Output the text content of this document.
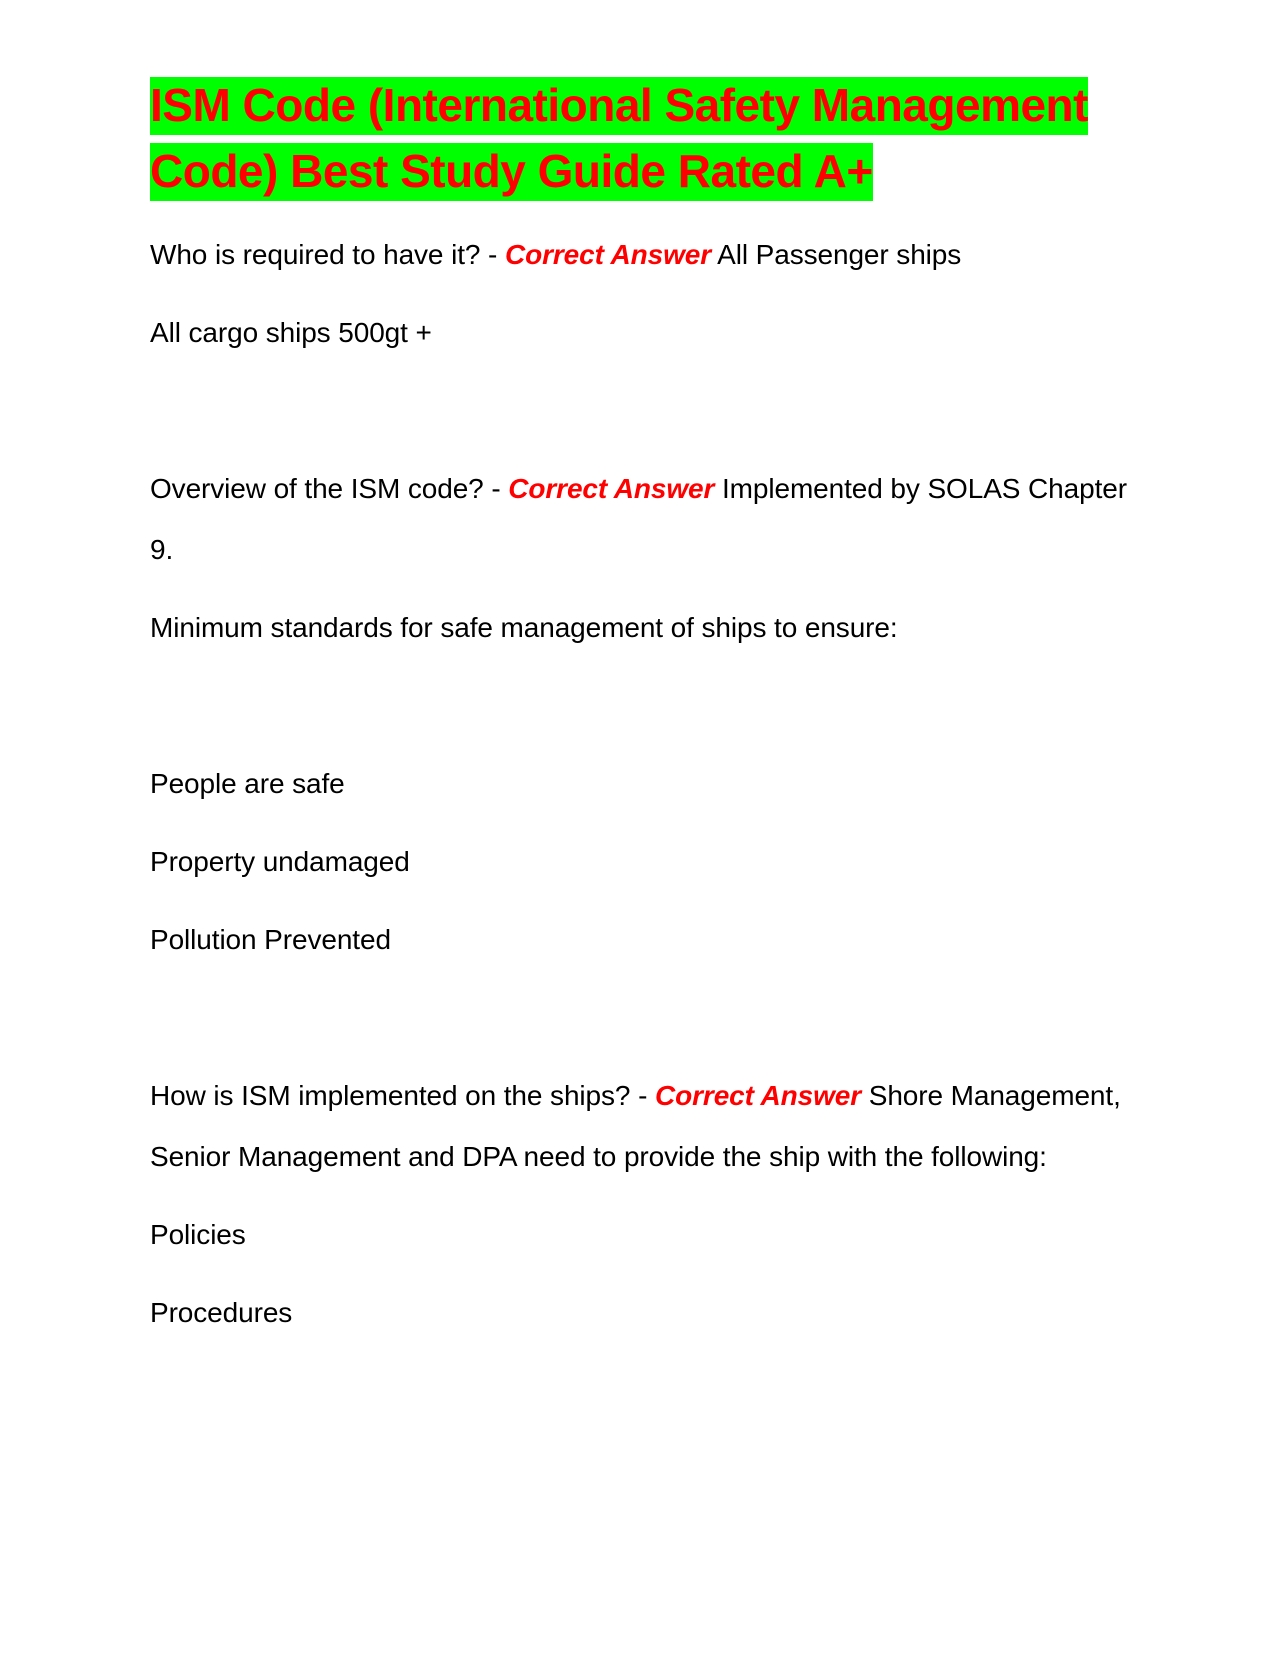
ISM Code (International Safety Management Code) Best Study Guide Rated A+
Who is required to have it? - Correct Answer All Passenger ships
All cargo ships 500gt +
Overview of the ISM code? - Correct Answer Implemented by SOLAS Chapter 9.
Minimum standards for safe management of ships to ensure:
People are safe
Property undamaged
Pollution Prevented
How is ISM implemented on the ships? - Correct Answer Shore Management, Senior Management and DPA need to provide the ship with the following:
Policies
Procedures
